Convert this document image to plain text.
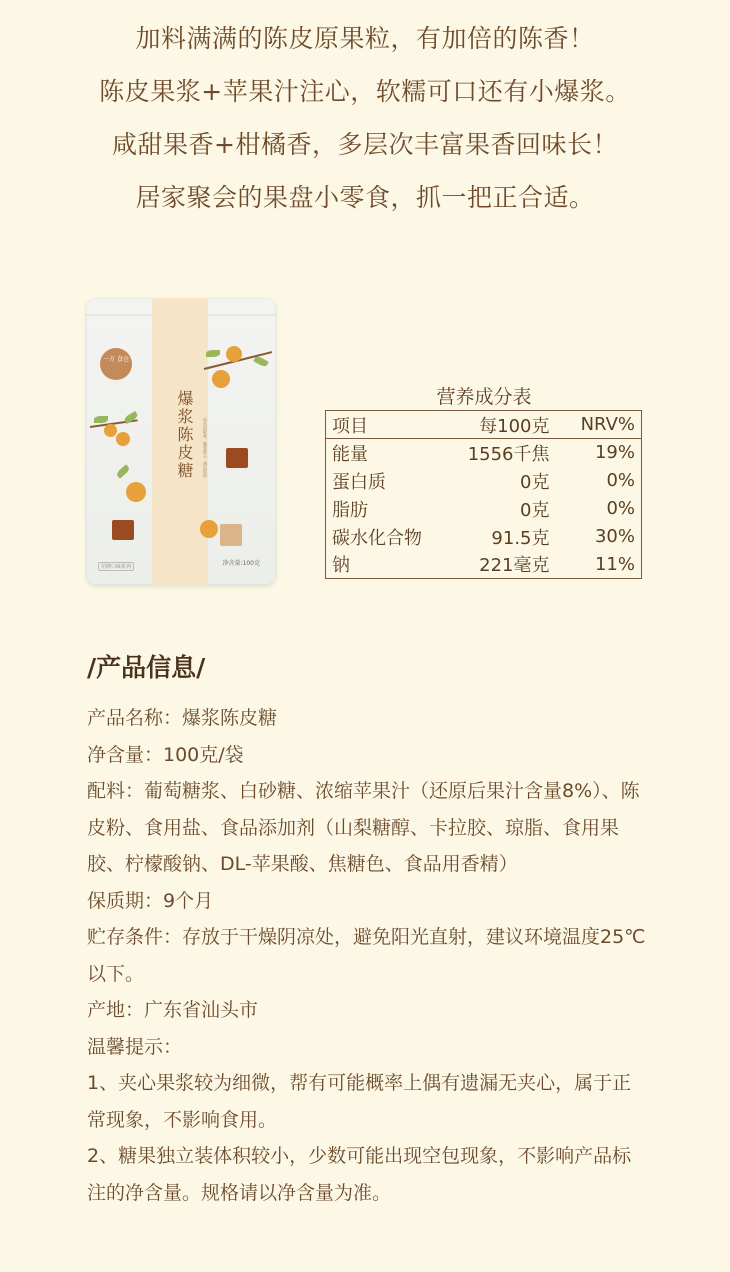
加料满满的陈皮原果粒，有加倍的陈香！
陈皮果浆+苹果汁注心，软糯可口还有小爆浆。
咸甜果香+柑橘香，多层次丰富果香回味长！
居家聚会的果盘小零食，抓一把正合适。
一方 食仓
爆浆陈皮糖	果木的鲜香 · 爆浆陈心 · 满足饭前
招牌口味系列	净含量:100克
营养成分表
项目	每100克	NRV%
能量	1556千焦	19%
蛋白质	0克	0%
脂肪	0克	0%
碳水化合物	91.5克	30%
钠	221毫克	11%
/产品信息/

产品名称：爆浆陈皮糖

净含量：100克/袋

配料：葡萄糖浆、白砂糖、浓缩苹果汁（还原后果汁含量8%）、陈皮粉、食用盐、食品添加剂（山梨糖醇、卡拉胶、琼脂、食用果胶、柠檬酸钠、DL-苹果酸、焦糖色、食品用香精）

保质期：9个月

贮存条件：存放于干燥阴凉处，避免阳光直射，建议环境温度25℃以下。

产地：广东省汕头市

温馨提示：

1、夹心果浆较为细微，帮有可能概率上偶有遗漏无夹心，属于正常现象，不影响食用。

2、糖果独立装体积较小，少数可能出现空包现象，不影响产品标注的净含量。规格请以净含量为准。
